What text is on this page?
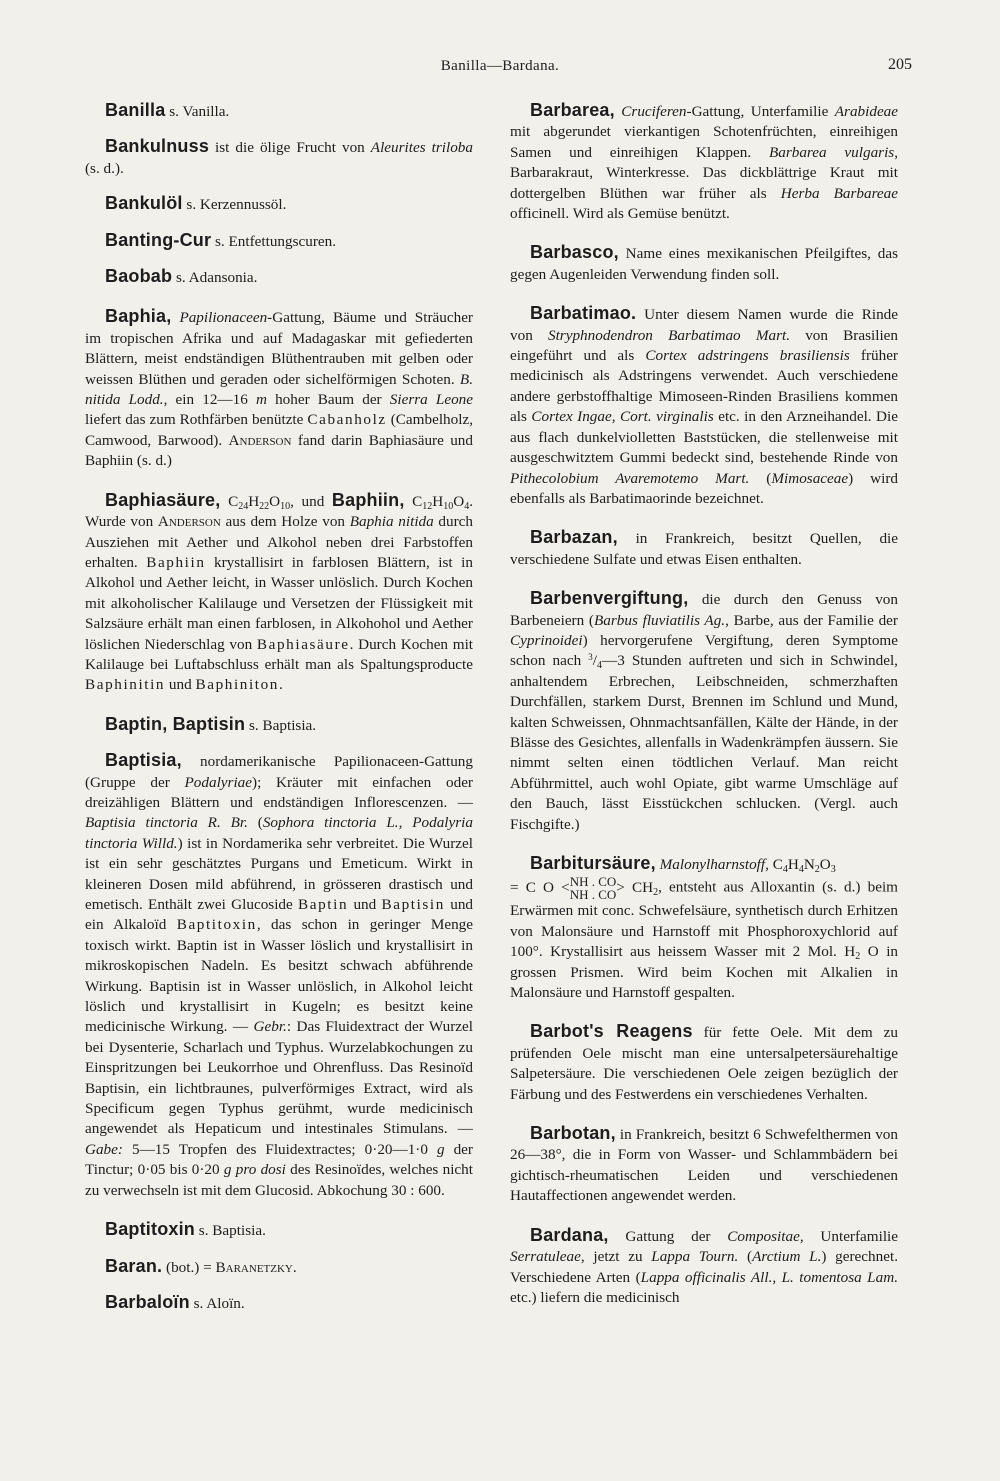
Banilla—Bardana.	205

Banilla s. Vanilla.

Bankulnuss ist die ölige Frucht von Aleurites triloba (s. d.).

Bankulöl s. Kerzennussöl.

Banting-Cur s. Entfettungscuren.

Baobab s. Adansonia.

Baphia, Papilionaceen-Gattung, Bäume und Sträucher im tropischen Afrika und auf Madagaskar mit gefiederten Blättern, meist endständigen Blüthentrauben mit gelben oder weissen Blüthen und geraden oder sichelförmigen Schoten. B. nitida Lodd., ein 12—16 m hoher Baum der Sierra Leone liefert das zum Rothfärben benützte Cabanholz (Cambelholz, Camwood, Barwood). Anderson fand darin Baphiasäure und Baphiin (s. d.)

Baphiasäure, $C_{24}H_{22}O_{10}$, und Baphiin, $C_{12}H_{10}O_4$. Wurde von Anderson aus dem Holze von Baphia nitida durch Ausziehen mit Aether und Alkohol neben drei Farbstoffen erhalten. Baphiin krystallisirt in farblosen Blättern, ist in Alkohol und Aether leicht, in Wasser unlöslich. Durch Kochen mit alkoholischer Kalilauge und Versetzen der Flüssigkeit mit Salzsäure erhält man einen farblosen, in Alkohohol und Aether löslichen Niederschlag von Baphiasäure. Durch Kochen mit Kalilauge bei Luftabschluss erhält man als Spaltungsproducte Baphinitin und Baphiniton.

Baptin, Baptisin s. Baptisia.

Baptisia, nordamerikanische Papilionaceen-Gattung (Gruppe der Podalyriae); Kräuter mit einfachen oder dreizähligen Blättern und endständigen Inflorescenzen. — Baptisia tinctoria R. Br. (Sophora tinctoria L., Podalyria tinctoria Willd.) ist in Nordamerika sehr verbreitet. Die Wurzel ist ein sehr geschätztes Purgans und Emeticum. Wirkt in kleineren Dosen mild abführend, in grösseren drastisch und emetisch. Enthält zwei Glucoside Baptin und Baptisin und ein Alkaloïd Baptitoxin, das schon in geringer Menge toxisch wirkt. Baptin ist in Wasser löslich und krystallisirt in mikroskopischen Nadeln. Es besitzt schwach abführende Wirkung. Baptisin ist in Wasser unlöslich, in Alkohol leicht löslich und krystallisirt in Kugeln; es besitzt keine medicinische Wirkung. — Gebr.: Das Fluidextract der Wurzel bei Dysenterie, Scharlach und Typhus. Wurzelabkochungen zu Einspritzungen bei Leukorrhoe und Ohrenfluss. Das Resinoïd Baptisin, ein lichtbraunes, pulverförmiges Extract, wird als Specificum gegen Typhus gerühmt, wurde medicinisch angewendet als Hepaticum und intestinales Stimulans. — Gabe: 5—15 Tropfen des Fluidextractes; 0·20—1·0 g der Tinctur; 0·05 bis 0·20 g pro dosi des Resinoïdes, welches nicht zu verwechseln ist mit dem Glucosid. Abkochung 30 : 600.

Baptitoxin s. Baptisia.

Baran. (bot.) = Baranetzky.

Barbaloïn s. Aloïn.

Barbarea, Cruciferen-Gattung, Unterfamilie Arabideae mit abgerundet vierkantigen Schotenfrüchten, einreihigen Samen und einreihigen Klappen. Barbarea vulgaris, Barbarakraut, Winterkresse. Das dickblättrige Kraut mit dottergelben Blüthen war früher als Herba Barbareae officinell. Wird als Gemüse benützt.

Barbasco, Name eines mexikanischen Pfeilgiftes, das gegen Augenleiden Verwendung finden soll.

Barbatimao. Unter diesem Namen wurde die Rinde von Stryphnodendron Barbatimao Mart. von Brasilien eingeführt und als Cortex adstringens brasiliensis früher medicinisch als Adstringens verwendet. Auch verschiedene andere gerbstoffhaltige Mimoseen-Rinden Brasiliens kommen als Cortex Ingae, Cort. virginalis etc. in den Arzneihandel. Die aus flach dunkelviolletten Baststücken, die stellenweise mit ausgeschwitztem Gummi bedeckt sind, bestehende Rinde von Pithecolobium Avaremotemo Mart. (Mimosaceae) wird ebenfalls als Barbatimaorinde bezeichnet.

Barbazan, in Frankreich, besitzt Quellen, die verschiedene Sulfate und etwas Eisen enthalten.

Barbenvergiftung, die durch den Genuss von Barbeneiern (Barbus fluviatilis Ag., Barbe, aus der Familie der Cyprinoidei) hervorgerufene Vergiftung, deren Symptome schon nach $^3/_4—3$ Stunden auftreten und sich in Schwindel, anhaltendem Erbrechen, Leibschneiden, schmerzhaften Durchfällen, starkem Durst, Brennen im Schlund und Mund, kalten Schweissen, Ohnmachtsanfällen, Kälte der Hände, in der Blässe des Gesichtes, allenfalls in Wadenkrämpfen äussern. Sie nimmt selten einen tödtlichen Verlauf. Man reicht Abführmittel, auch wohl Opiate, gibt warme Umschläge auf den Bauch, lässt Eisstückchen schlucken. (Vergl. auch Fischgifte.)

Barbitursäure, Malonylharnstoff, $C_4H_4N_2O_3$
= C O < NH . CO
NH . CO > $CH_2$, entsteht aus Alloxantin (s. d.) beim Erwärmen mit conc. Schwefelsäure, synthetisch durch Erhitzen von Malonsäure und Harnstoff mit Phosphoroxychlorid auf 100°. Krystallisirt aus heissem Wasser mit 2 Mol. $H_2$ O in grossen Prismen. Wird beim Kochen mit Alkalien in Malonsäure und Harnstoff gespalten.

Barbot's Reagens für fette Oele. Mit dem zu prüfenden Oele mischt man eine untersalpetersäurehaltige Salpetersäure. Die verschiedenen Oele zeigen bezüglich der Färbung und des Festwerdens ein verschiedenes Verhalten.

Barbotan, in Frankreich, besitzt 6 Schwefelthermen von 26—38°, die in Form von Wasser- und Schlammbädern bei gichtisch-rheumatischen Leiden und verschiedenen Hautaffectionen angewendet werden.

Bardana, Gattung der Compositae, Unterfamilie Serratuleae, jetzt zu Lappa Tourn. (Arctium L.) gerechnet. Verschiedene Arten (Lappa officinalis All., L. tomentosa Lam. etc.) liefern die medicinisch
